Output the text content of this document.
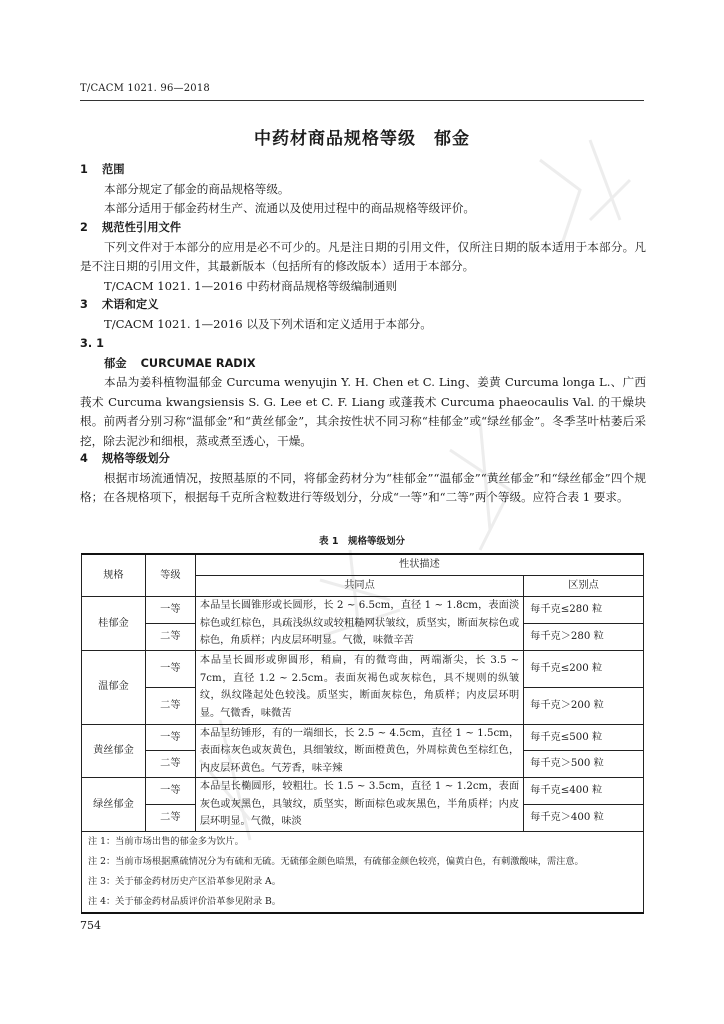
T/CACM 1021. 96—2018
中药材商品规格等级　郁金
1 范围
本部分规定了郁金的商品规格等级。
本部分适用于郁金药材生产、流通以及使用过程中的商品规格等级评价。
2 规范性引用文件
下列文件对于本部分的应用是必不可少的。凡是注日期的引用文件，仅所注日期的版本适用于本部分。凡是不注日期的引用文件，其最新版本（包括所有的修改版本）适用于本部分。
T/CACM 1021. 1—2016 中药材商品规格等级编制通则
3 术语和定义
T/CACM 1021. 1—2016 以及下列术语和定义适用于本部分。
3. 1
郁金 CURCUMAE RADIX
本品为姜科植物温郁金 Curcuma wenyujin Y. H. Chen et C. Ling、姜黄 Curcuma longa L.、广西莪术 Curcuma kwangsiensis S. G. Lee et C. F. Liang 或蓬莪术 Curcuma phaeocaulis Val. 的干燥块根。前两者分别习称“温郁金”和“黄丝郁金”，其余按性状不同习称“桂郁金”或“绿丝郁金”。冬季茎叶枯萎后采挖，除去泥沙和细根，蒸或煮至透心，干燥。
4 规格等级划分
根据市场流通情况，按照基原的不同，将郁金药材分为“桂郁金”“温郁金”“黄丝郁金”和“绿丝郁金”四个规格；在各规格项下，根据每千克所含粒数进行等级划分，分成“一等”和“二等”两个等级。应符合表 1 要求。
表 1　规格等级划分
规格	等级	性状描述	
		共同点	区别点
桂郁金	一等	本品呈长圆锥形或长圆形，长 2 ~ 6.5cm，直径 1 ~ 1.8cm，表面淡棕色或红棕色，具疏浅纵纹或较粗糙网状皱纹，质坚实，断面灰棕色或棕色，角质样；内皮层环明显。气微，味微辛苦	每千克≤280 粒
	二等		每千克＞280 粒
温郁金	一等	本品呈长圆形或卵圆形，稍扁，有的微弯曲，两端渐尖，长 3.5 ~ 7cm，直径 1.2 ~ 2.5cm。表面灰褐色或灰棕色，具不规则的纵皱纹，纵纹隆起处色较浅。质坚实，断面灰棕色，角质样；内皮层环明显。气微香，味微苦	每千克≤200 粒
	二等		每千克＞200 粒
黄丝郁金	一等	本品呈纺锤形，有的一端细长，长 2.5 ~ 4.5cm，直径 1 ~ 1.5cm，表面棕灰色或灰黄色，具细皱纹，断面橙黄色，外周棕黄色至棕红色，内皮层环黄色。气芳香，味辛辣	每千克≤500 粒
	二等		每千克＞500 粒
绿丝郁金	一等	本品呈长椭圆形，较粗壮。长 1.5 ~ 3.5cm，直径 1 ~ 1.2cm，表面灰色或灰黑色，具皱纹，质坚实，断面棕色或灰黑色，半角质样；内皮层环明显。气微，味淡	每千克≤400 粒
	二等		每千克＞400 粒
注 1：当前市场出售的郁金多为饮片。			
注 2：当前市场根据熏硫情况分为有硫和无硫。无硫郁金颜色暗黑，有硫郁金颜色较亮，偏黄白色，有刺激酸味，需注意。			
注 3：关于郁金药材历史产区沿革参见附录 A。			
注 4：关于郁金药材品质评价沿革参见附录 B。			
754
